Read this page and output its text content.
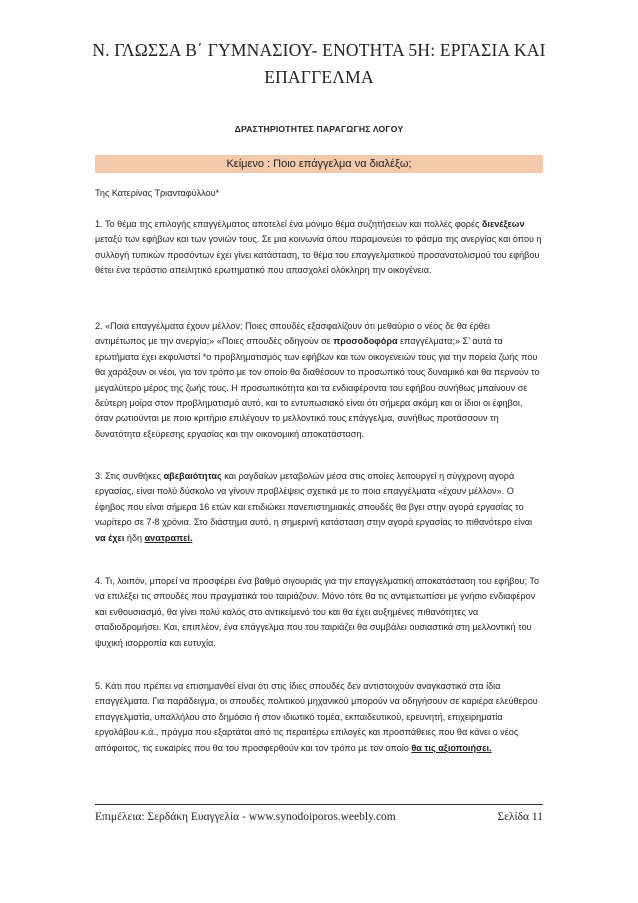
Ν. ΓΛΩΣΣΑ Β΄ ΓΥΜΝΑΣΙΟΥ- ΕΝΟΤΗΤΑ 5Η: ΕΡΓΑΣΙΑ ΚΑΙ
ΕΠΑΓΓΕΛΜΑ
ΔΡΑΣΤΗΡΙΟΤΗΤΕΣ ΠΑΡΑΓΩΓΗΣ ΛΟΓΟΥ
Κείμενο : Ποιο επάγγελμα να διαλέξω;
Της Κατερίνας Τριανταφύλλου*
1. Το θέμα της επιλογής επαγγέλματος αποτελεί ένα μόνιμο θέμα συζητήσεων και πολλές φορές διενέξεων μεταξύ των εφήβων και των γονιών τους. Σε μια κοινωνία όπου παραμονεύει το φάσμα της ανεργίας και όπου η συλλογή τυπικών προσόντων έχει γίνει κατάσταση, το θέμα του επαγγελματικού προσανατολισμού του εφήβου θέτει ένα τεράστιο απειλητικό ερωτηματικό που απασχολεί ολόκληρη την οικογένεια.
2. «Ποια επαγγέλματα έχουν μέλλον; Ποιες σπουδές εξασφαλίζουν ότι μεθαύριο ο νέος δε θα έρθει αντιμέτωπος με την ανεργία;» «Ποιες σπουδές οδηγούν σε προσοδοφόρα επαγγέλματα;» Σ’ αυτά τα ερωτήματα έχει εκφυλιστεί *ο προβληματισμός των εφήβων και των οικογενειών τους για την πορεία ζωής που θα χαράξουν οι νέοι, για τον τρόπο με τον οποίο θα διαθέσουν το προσωπικό τους δυναμικό και θα περνούν το μεγαλύτερο μέρος της ζωής τους. Η προσωπικότητα και τα ενδιαφέροντα του εφήβου συνήθως μπαίνουν σε δεύτερη μοίρα στον προβληματισμό αυτό, και το εντυπωσιακό είναι ότι σήμερα ακόμη και οι ίδιοι οι έφηβοι, όταν ρωτιούνται με ποιο κριτήριο επιλέγουν το μελλοντικό τους επάγγελμα, συνήθως προτάσσουν τη δυνατότητα εξεύρεσης εργασίας και την οικονομική αποκατάσταση.
3. Στις συνθήκες αβεβαιότητας και ραγδαίων μεταβολών μέσα στις οποίες λειτουργεί η σύγχρονη αγορά εργασίας, είναι πολύ δύσκολο να γίνουν προβλέψεις σχετικά με το ποια επαγγέλματα «έχουν μέλλον». Ο έφηβος που είναι σήμερα 16 ετών και επιδιώκει πανεπιστημιακές σπουδές θα βγει στην αγορά εργασίας το νωρίτερο σε 7-8 χρόνια. Στο διάστημα αυτό, η σημερινή κατάσταση στην αγορά εργασίας το πιθανότερο είναι να έχει ήδη ανατραπεί.
4. Τι, λοιπόν, μπορεί να προσφέρει ένα βαθμό σιγουριάς για την επαγγελματική αποκατάσταση του εφήβου; Το να επιλέξει τις σπουδές που πραγματικά του ταιριάζουν. Μόνο τότε θα τις αντιμετωπίσει με γνήσιο ενδιαφέρον και ενθουσιασμό, θα γίνει πολύ καλός στο αντικείμενό του και θα έχει αυξημένες πιθανότητες να σταδιοδρομήσει. Και, επιπλέον, ένα επάγγελμα που του ταιριάζει θα συμβάλει ουσιαστικά στη μελλοντική του ψυχική ισορροπία και ευτυχία.
5. Κάτι που πρέπει να επισημανθεί είναι ότι στις ίδιες σπουδές δεν αντιστοιχούν αναγκαστικά στα ίδια επαγγέλματα. Για παράδειγμα, οι σπουδές πολιτικού μηχανικού μπορούν να οδηγήσουν σε καριέρα ελεύθερου επαγγελματία, υπαλλήλου στο δημόσιο ή στον ιδιωτικό τομέα, εκπαιδευτικού, ερευνητή, επιχειρηματία εργολάβου κ.ά., πράγμα που εξαρτάται από τις περαιτέρω επιλογές και προσπάθειες που θα κάνει ο νέος απόφοιτος, τις ευκαιρίες που θα του προσφερθούν και τον τρόπο με τον οποίο θα τις αξιοποιήσει.
Επιμέλεια: Σερδάκη Ευαγγελία - www.synodoiporos.weebly.com	Σελίδα 11
